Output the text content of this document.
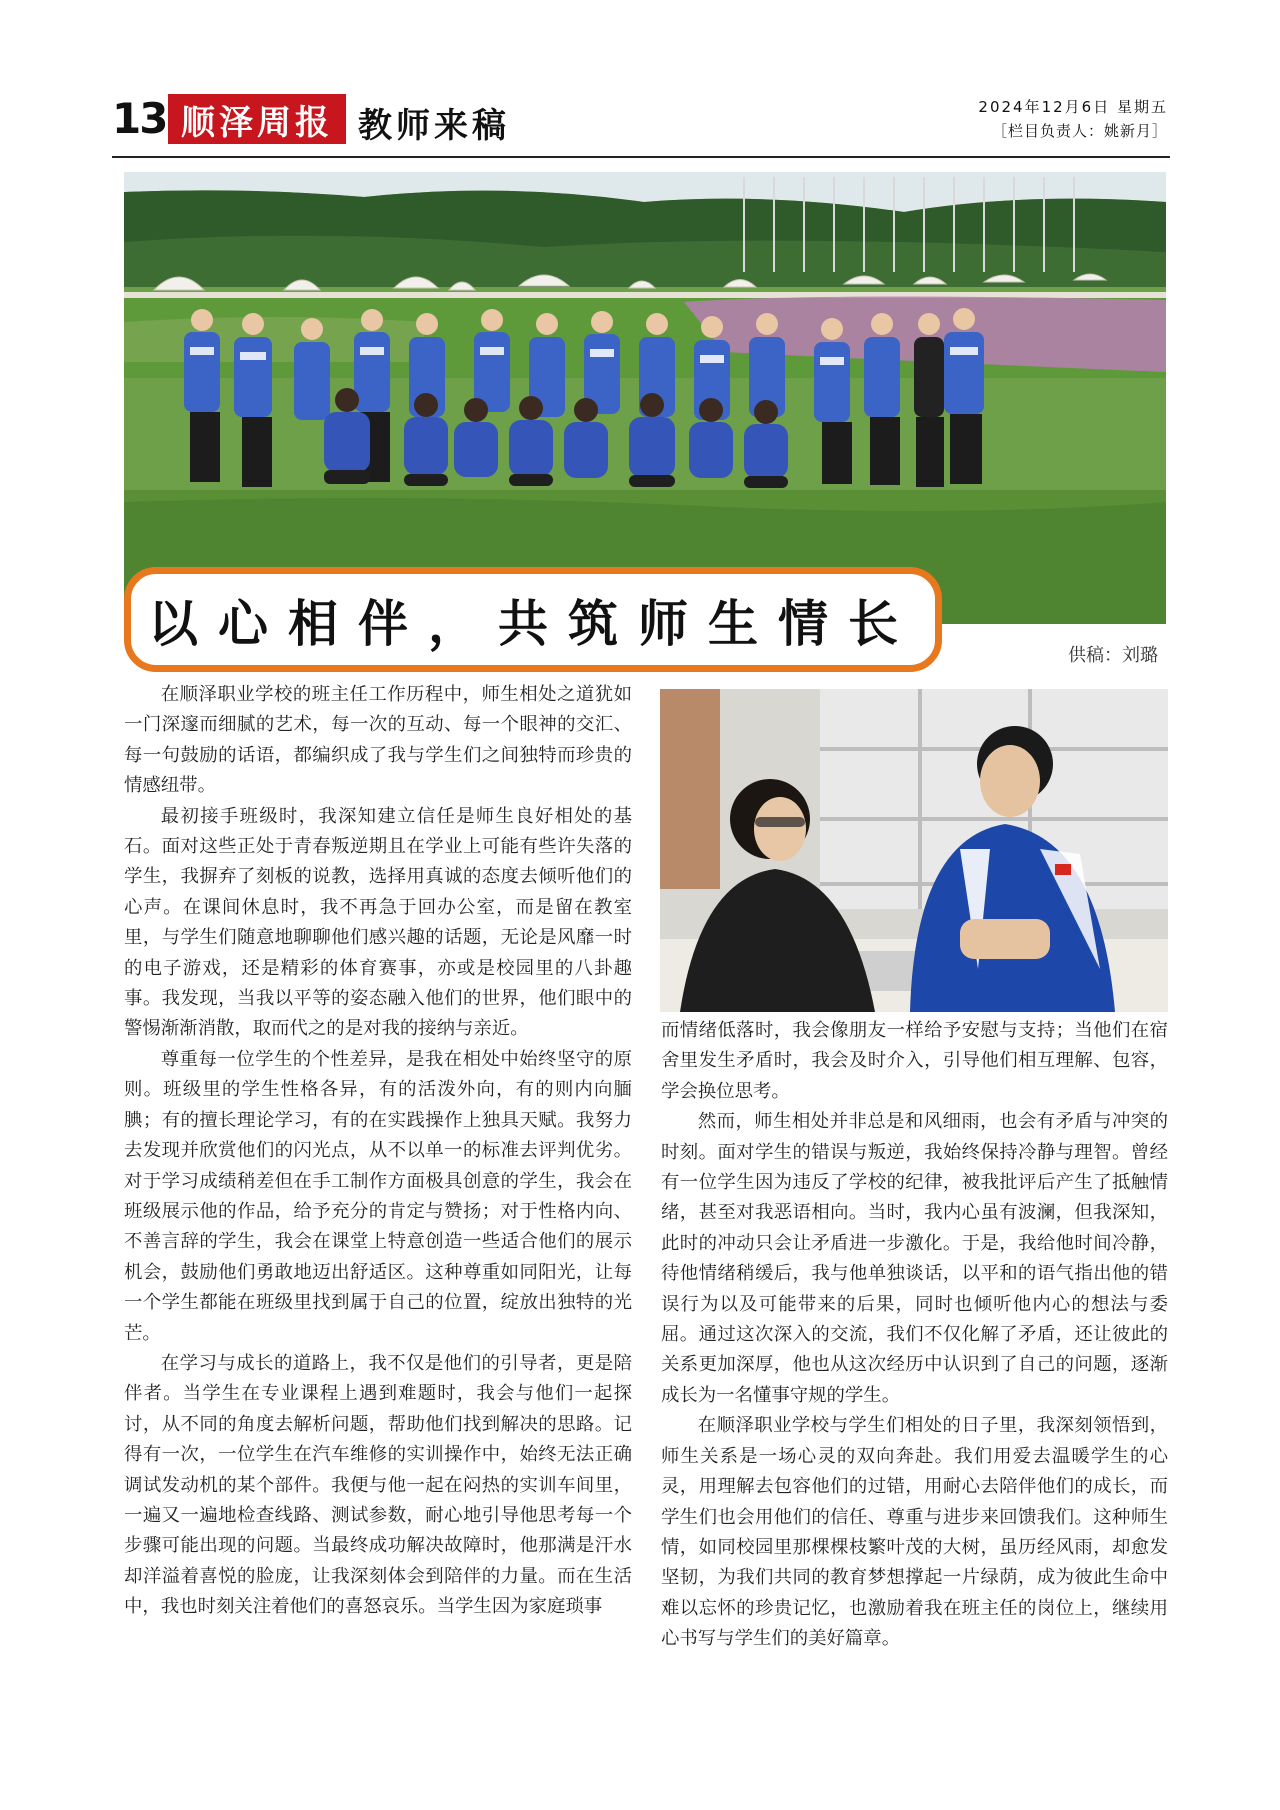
13 顺泽周报 教师来稿	2024年12月6日 星期五
［栏目负责人：姚新月］
以心相伴，共筑师生情长
供稿：刘璐

在顺泽职业学校的班主任工作历程中，师生相处之道犹如一门深邃而细腻的艺术，每一次的互动、每一个眼神的交汇、每一句鼓励的话语，都编织成了我与学生们之间独特而珍贵的情感纽带。

最初接手班级时，我深知建立信任是师生良好相处的基石。面对这些正处于青春叛逆期且在学业上可能有些许失落的学生，我摒弃了刻板的说教，选择用真诚的态度去倾听他们的心声。在课间休息时，我不再急于回办公室，而是留在教室里，与学生们随意地聊聊他们感兴趣的话题，无论是风靡一时的电子游戏，还是精彩的体育赛事，亦或是校园里的八卦趣事。我发现，当我以平等的姿态融入他们的世界，他们眼中的警惕渐渐消散，取而代之的是对我的接纳与亲近。

尊重每一位学生的个性差异，是我在相处中始终坚守的原则。班级里的学生性格各异，有的活泼外向，有的则内向腼腆；有的擅长理论学习，有的在实践操作上独具天赋。我努力去发现并欣赏他们的闪光点，从不以单一的标准去评判优劣。对于学习成绩稍差但在手工制作方面极具创意的学生，我会在班级展示他的作品，给予充分的肯定与赞扬；对于性格内向、不善言辞的学生，我会在课堂上特意创造一些适合他们的展示机会，鼓励他们勇敢地迈出舒适区。这种尊重如同阳光，让每一个学生都能在班级里找到属于自己的位置，绽放出独特的光芒。

在学习与成长的道路上，我不仅是他们的引导者，更是陪伴者。当学生在专业课程上遇到难题时，我会与他们一起探讨，从不同的角度去解析问题，帮助他们找到解决的思路。记得有一次，一位学生在汽车维修的实训操作中，始终无法正确调试发动机的某个部件。我便与他一起在闷热的实训车间里，一遍又一遍地检查线路、测试参数，耐心地引导他思考每一个步骤可能出现的问题。当最终成功解决故障时，他那满是汗水却洋溢着喜悦的脸庞，让我深刻体会到陪伴的力量。而在生活中，我也时刻关注着他们的喜怒哀乐。当学生因为家庭琐事

而情绪低落时，我会像朋友一样给予安慰与支持；当他们在宿舍里发生矛盾时，我会及时介入，引导他们相互理解、包容，学会换位思考。

然而，师生相处并非总是和风细雨，也会有矛盾与冲突的时刻。面对学生的错误与叛逆，我始终保持冷静与理智。曾经有一位学生因为违反了学校的纪律，被我批评后产生了抵触情绪，甚至对我恶语相向。当时，我内心虽有波澜，但我深知，此时的冲动只会让矛盾进一步激化。于是，我给他时间冷静，待他情绪稍缓后，我与他单独谈话，以平和的语气指出他的错误行为以及可能带来的后果，同时也倾听他内心的想法与委屈。通过这次深入的交流，我们不仅化解了矛盾，还让彼此的关系更加深厚，他也从这次经历中认识到了自己的问题，逐渐成长为一名懂事守规的学生。

在顺泽职业学校与学生们相处的日子里，我深刻领悟到，师生关系是一场心灵的双向奔赴。我们用爱去温暖学生的心灵，用理解去包容他们的过错，用耐心去陪伴他们的成长，而学生们也会用他们的信任、尊重与进步来回馈我们。这种师生情，如同校园里那棵棵枝繁叶茂的大树，虽历经风雨，却愈发坚韧，为我们共同的教育梦想撑起一片绿荫，成为彼此生命中难以忘怀的珍贵记忆，也激励着我在班主任的岗位上，继续用心书写与学生们的美好篇章。
